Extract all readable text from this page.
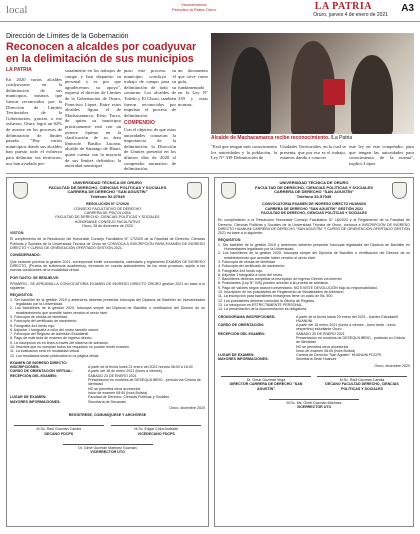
local	Vacunémonos
Periódico la Patria Oruro	LA PATRIA
Oruro, jueves 4 de enero de 2021
A3
Dirección de Límites de la Gobernación
Reconocen a alcaldes por coadyuvar en la delimitación de sus municipios
LA PATRIA
En 2020 varios alcaldes coadyuvaron en la delimitación de sus municipios, mismos que fueron reconocidos por la Dirección de Límites Territoriales de la Gobernación, gracias a ese esfuerzo, Oruro logró un 62% de avance en los procesos de delimitación de límites pasada. "Hay varios municipios donde sus alcaldes han puesto todo el esfuerzo para delimitar sus territorios, nos han ayudado per-
sonalmente en los trabajos de campo y han dispuesto su personal y es por que agradecemos su apoyo", expresó el director de Límites de la Gobernación de Oruro, Francisco López. Entre estos alcaldes figura el de Machacamarca, Elvio Yucra, de quien su municipio prácticamente está con un avance óptimo en la clarificación de su área límitrofe. Basilio Lucana, alcalde de Santiago de Huari, quien cuenta con la mayoría de sus límites definidos; la autoridad municipal
puso este proceso, su municipio concluyó el trabajo de campo para su delimitación de todo su contorno. Los alcaldes de Toledo y El Choro, también fueron reconocidos por impulsar el proceso de delimitación.
COMPENDIO
Con el objetivo de que estas autoridades conozcan la importancia de la delimitación, la Dirección de Límites presentó en los últimos días de 2020 el compendio normativo de delimitación,
un documento que sirve como guía, fundamentado en la Ley N° 339 y otras normas.
Alcalde de Machacamarca recibe reconocimiento. /La Patria
"Está que tengan más conocimiento los autoridades y la población, la Ley N° 339 Delimitación de
Unidades Territoriales, en la cual se presenta, que por eso es el trabajo, estamos dando a conocer
este ley en este compendio, para que tengan las autoridades para conocimiento de la norma", explicó López.
UNIVERSIDAD TÉCNICA DE ORURO
FACULTAD DE DERECHO, CIENCIAS POLÍTICAS Y SOCIALES
CARRERA DE DERECHO "SAN AGUSTÍN"
Teléfono 52-57949
RESOLUCIÓN N° 17/2020
CONSEJO FACULTATIVO DE DERECHO
CARRERA DE PSICOLOGÍA
FACULTAD DE DERECHO, CIENCIAS POLÍTICAS Y SOCIALES
HONORABLE CONSEJO FACULTATIVO
Oruro, 28 de diciembre de 2020
VISTOS:
El cumplimiento de la Resolución del Honorable Consejo Facultativo N° 17/2020 de la Facultad de Derecho, Ciencias Políticas y Sociales de la Universidad Técnica de Oruro se CONVOCA A INSCRIPCIÓN PARA EXAMEN DE INGRESO DIRECTO Y CURSO DE ORIENTACIÓN OFERTADO GESTIÓN 2021.
CONSIDERANDO:
Que estando próxima la gestión 2021, corresponde emitir convocatoria, calendario y reglamento EXAMEN DE INGRESO DIRECTO, (Prueba de suficiencia académica), formando en cuenta antecedentes de los otros procesos, sujeto a las nuevas condiciones de la modalidad virtual.
POR TANTO: SE RESUELVE:
PRIMERO.- SE APRUEBA LA CONVOCATORIA EXAMEN DE INGRESO DIRECTO ORURO gestión 2021 en base a lo siguiente:
REQUISITOS:
1. Ser bachiller de la gestión 2019 y anteriores deberán presentar fotocopia del Diploma de Bachiller en Humanidades legalizado por la Universidad.
2. Los bachilleres de la gestión 2020, fotocopia simple del Diploma de Bachiller o certificación del Director de su establecimiento que acredite haber vencido el sexto nivel.
3. Fotocopia de cédula de identidad.
4. Fotocopia del certificado de nacimiento.
5. Fotografía 4x4 fondo rojo.
6. Adjuntar 1 fotografía a color del rostro tamaño carnet.
7. Fotocopia del Registro de Admisión Estudiantil.
8. Pago de matrícula de examen de ingreso directo.
9. La inscripción es en línea a través del sistema de admisión.
10. Inscritos que no cumplan todos los requisitos no podrán rendir examen.
11. La evaluación será en modalidad virtual.
12. Los resultados serán publicados en la página oficial.
EXAMEN DE INGRESO DIRECTO:
INSCRIPCIONES:	A partir de la fecha lunes 21 enero del 2021 horario 08:00 a 16:00
CURSO DE ORIENTACIÓN VIRTUAL:	A partir del 18 de enero 2021 (lunes a viernes)
RECEPCIÓN DEL EXAMEN:	SÁBADO 23 DE ENERO 2021
Presentación en modelos de DESEQUILIBRIO - periodo vía Cédula de identidad
NO se permitirá otros accesorios
Inicio de examen 08:00 (hora Bolivia)
LUGAR DE EXAMEN:	Facultad de Derecho, Ciencias Políticas y Sociales
MAYORES INFORMACIONES:	Secretaría de Decanato
Oruro, diciembre 2020
REGÍSTRESE, COMUNÍQUESE Y ARCHÍVESE
M.Sc. Raúl Guzmán Candia
DECANO FDCPS
M.Sc. Edgar Chira Andrade
VICEDECANO FDCPS
Dr. Gimé Guzmán Martínez Guzmán
VICERRECTOR UTO
UNIVERSIDAD TÉCNICA DE ORURO
FACULTAD DE DERECHO, CIENCIAS POLÍTICAS Y SOCIALES
CARRERA DE DERECHO "SAN AGUSTÍN"
Teléfono 52-57949
CONVOCATORIA EXAMEN DE INGRESO DIRECTO HUANUNI
CARRERA DE DERECHO "SAN AGUSTÍN" GESTIÓN 2021
FACULTAD DE DERECHO, CIENCIAS POLÍTICAS Y SOCIALES
En cumplimiento a la Resolución Honorable Consejo Facultativo N° 18/2020 y al Reglamento de la Facultad de Derecho, Ciencias Políticas y Sociales de la Universidad Técnica de Oruro, convoca a INSCRIPCIÓN DE INGRESO DIRECTO HUANUNI CARRERA DE DERECHO "SAN AGUSTÍN" Y CURSO DE ORIENTACIÓN OFERTADO GESTIÓN 2021 en base a lo siguiente:
REQUISITOS:
1. Ser bachiller de la gestión 2019 y anteriores deberán presentar fotocopia legalizada del Diploma de Bachiller en Humanidades legalizado por la Universidad.
2. Los bachilleres de la gestión 2020, fotocopia simple del Diploma de Bachiller o certificación del Director de su establecimiento que acredite haber vencido el sexto nivel.
3. Fotocopia de cédula de identidad.
4. Fotocopia del certificado de nacimiento.
5. Fotografía 4x4 fondo rojo.
6. Adjuntar 1 fotografía a color del rostro.
7. Bachilleres deberán completar la inscripción de Ingreso Directo vía internet.
8. Postulantes (Ley N° 045) pueden acceder a la prueba de admisión.
9. Pago de valores según arancel universitario, NO EXISTE DEVOLUCIÓN bajo su responsabilidad.
10. Inscripción de los postulantes de Reglamento de Modalidades de Admisión.
11. La inscripción para bachilleres extranjeros tiene un costo de Bs. 500.
12. Los postulantes deberán consultar la Oficina de Registro.
13. La inscripción es ESTRICTAMENTE PERSONAL.
14. La presentación de la documentación es obligatoria.
CRONOGRAMA INSCRIPCIONES:	A partir de la fecha hasta 29 enero del 2021 - Kardex Estudiantil HUANUNI
CURSO DE ORIENTACIÓN:	A partir del 18 enero 2021 (lunes a viernes - turno tarde - turno vespertino) estudiante Oruro
RECEPCIÓN DEL EXAMEN:	SÁBADO 30 DE ENERO 2021
Presentación en modelos de DESEQUILIBRIO - portando su Cédula de identidad
NO se permitirá otros accesorios
Inicio de examen 08:00 (hora Bolivia)
LUGAR DE EXAMEN:	Carrera de Derecho "San Agustín" HUANUNI FDCPS
MAYORES INFORMACIONES:	Secretaría Sede Huanuni
Oruro, diciembre 2020
Dr. Omar Guzmán Vega
DIRECTOR CARRERA DE DERECHO "SAN AGUSTÍN"
M.Sc. Raúl Guzmán Candia
DECANO FACULTAD DERECHO, CIENCIAS POLÍTICAS Y SOCIALES
M.Sc. Ms. Gimé Guzmán Martínez
VICERRECTOR UTO
